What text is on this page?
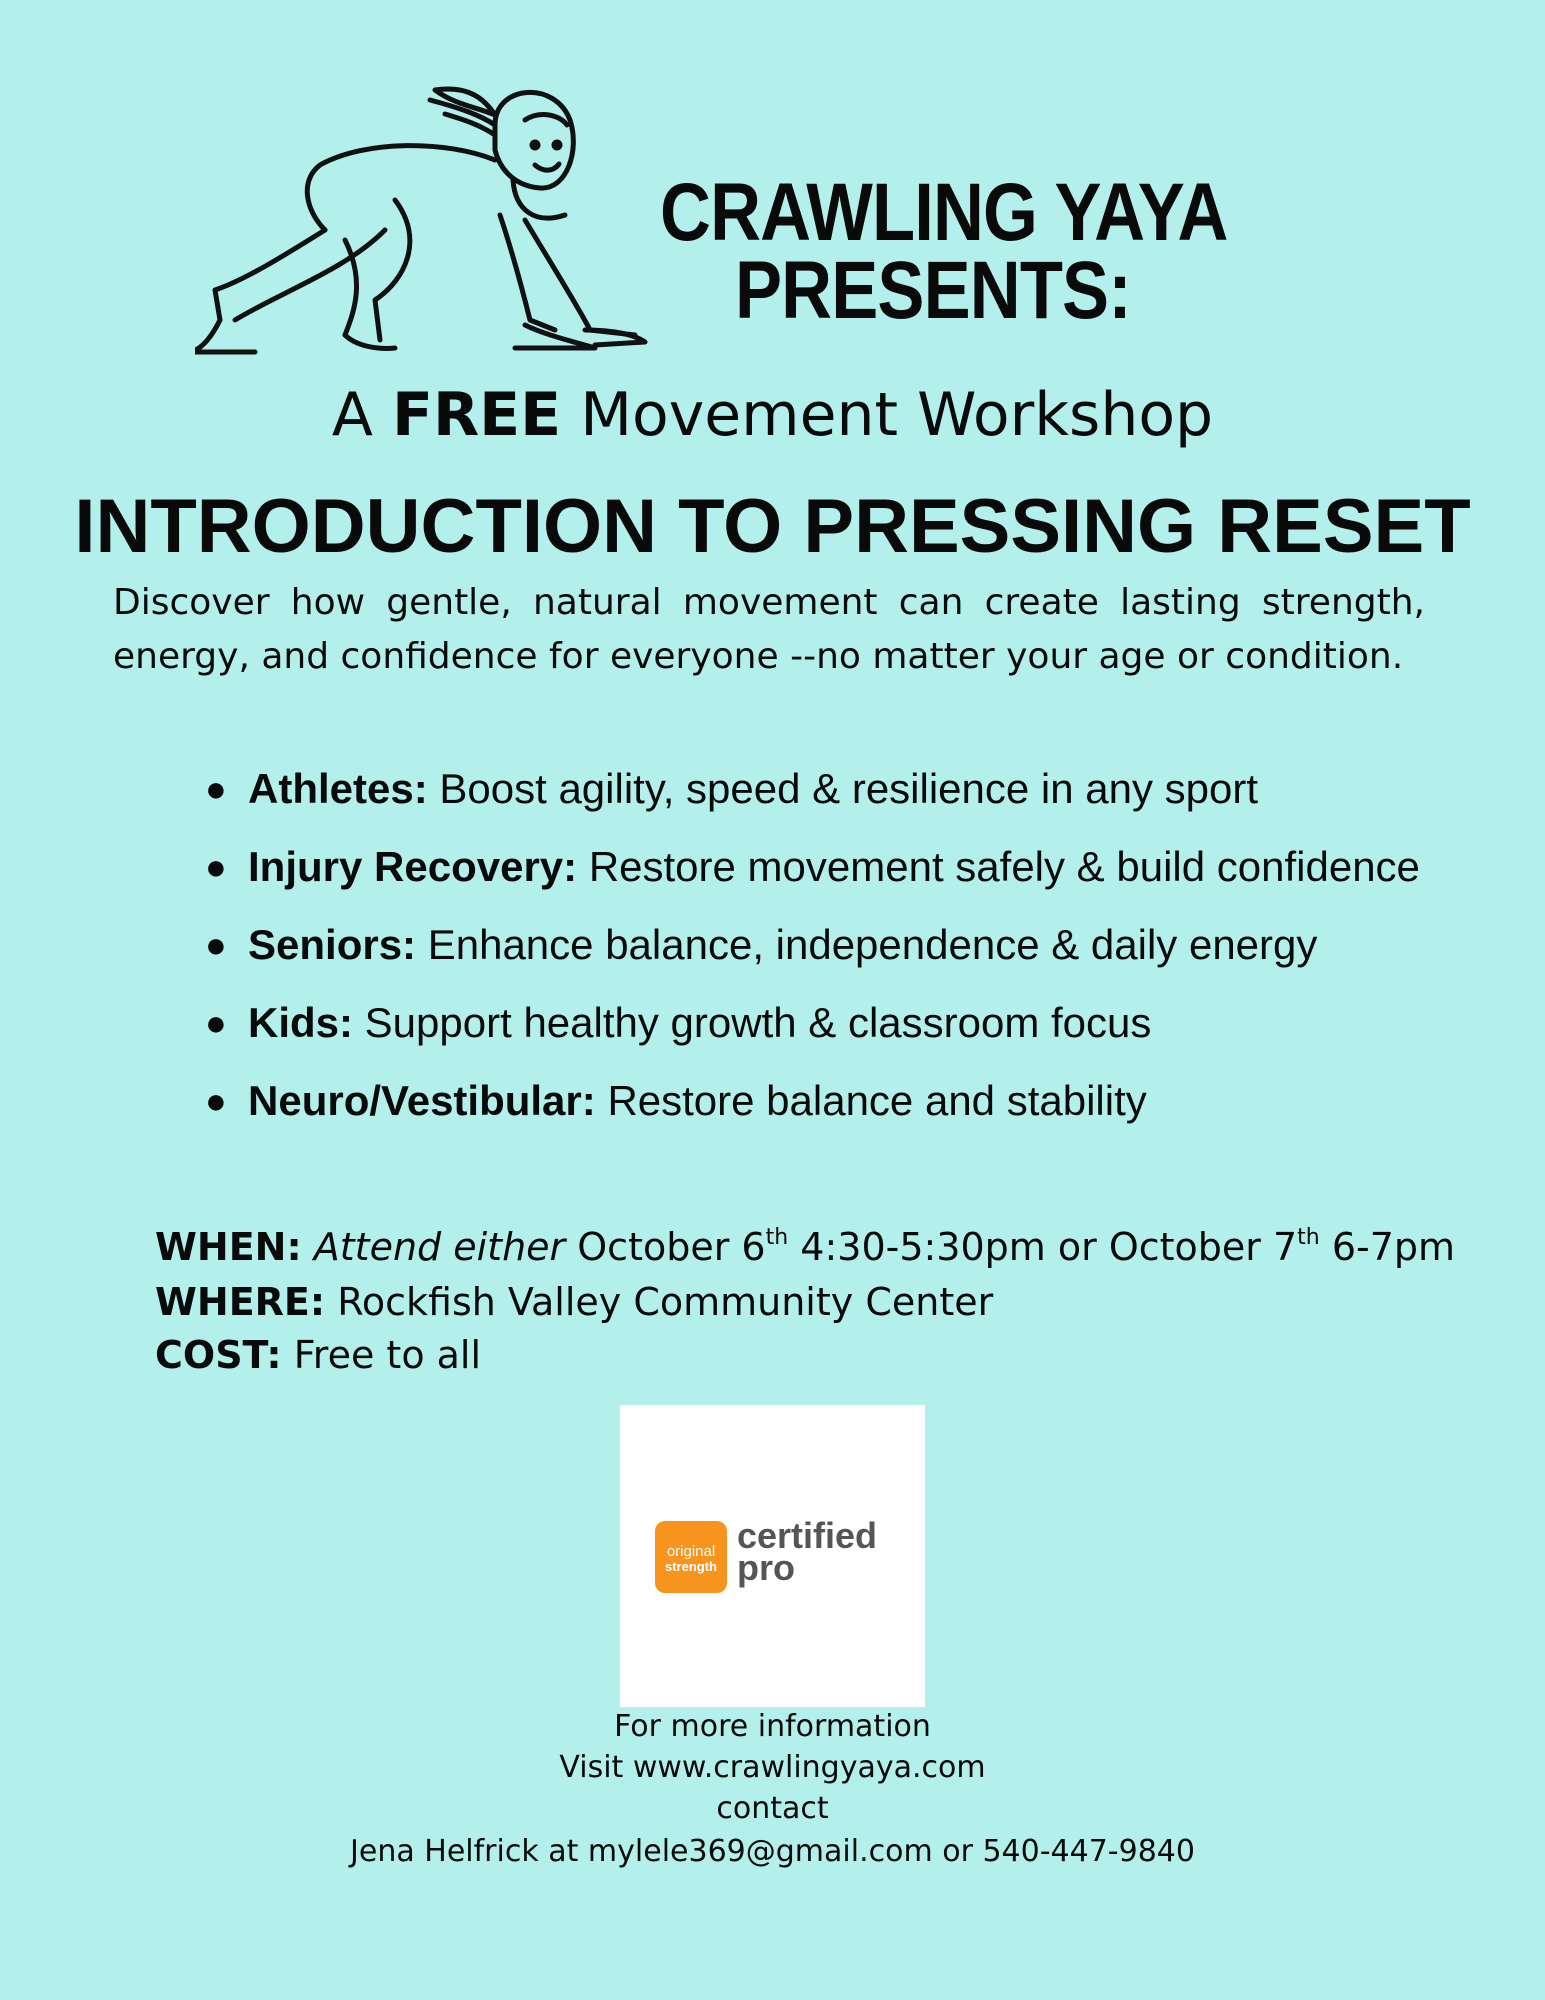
CRAWLING YAYA
PRESENTS:
A FREE Movement Workshop
INTRODUCTION TO PRESSING RESET
Discover how gentle, natural movement can create lasting strength, energy, and confidence for everyone --no matter your age or condition.
● Athletes: Boost agility, speed & resilience in any sport
● Injury Recovery: Restore movement safely & build confidence
● Seniors: Enhance balance, independence & daily energy
● Kids: Support healthy growth & classroom focus
● Neuro/Vestibular: Restore balance and stability
WHEN: Attend either October 6th 4:30-5:30pm or October 7th 6-7pm
WHERE: Rockfish Valley Community Center
COST: Free to all
original
strength
certified
pro
For more information
Visit www.crawlingyaya.com
contact
Jena Helfrick at mylele369@gmail.com or 540-447-9840
